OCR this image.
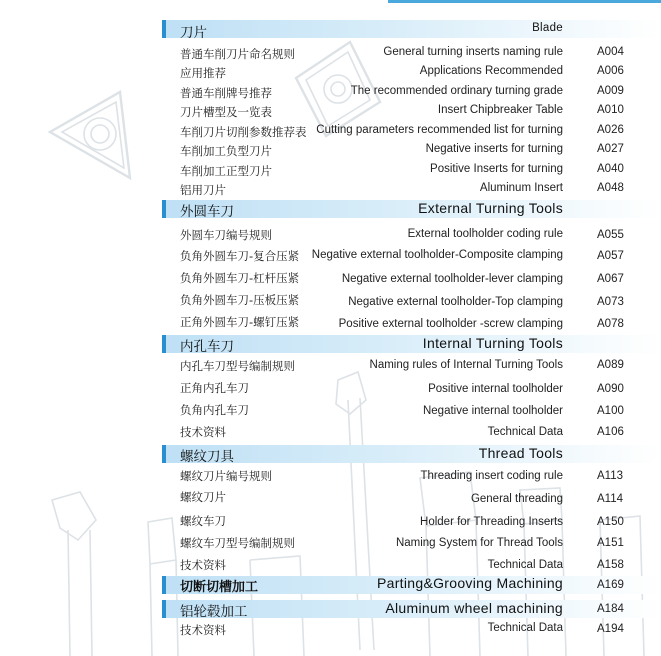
刀片	Blade
普通车削刀片命名规则	General turning inserts naming rule	A004
应用推荐	Applications Recommended	A006
普通车削牌号推荐	The recommended ordinary turning grade	A009
刀片槽型及一览表	Insert Chipbreaker Table	A010
车削刀片切削参数推荐表 Cutting parameters recommended list for turning	A026
车削加工负型刀片	Negative inserts for turning	A027
车削加工正型刀片	Positive Inserts for turning	A040
铝用刀片	Aluminum Insert	A048
外圆车刀	External Turning Tools
外圆车刀编号规则	External toolholder coding rule	A055
负角外圆车刀-复合压紧 Negative external toolholder-Composite clamping	A057
负角外圆车刀-杠杆压紧	Negative external toolholder-lever clamping	A067
负角外圆车刀-压板压紧	Negative external toolholder-Top clamping	A073
正角外圆车刀-螺钉压紧	Positive external toolholder -screw clamping	A078
内孔车刀	Internal Turning Tools
内孔车刀型号编制规则	Naming rules of Internal Turning Tools	A089
正角内孔车刀	Positive internal toolholder	A090
负角内孔车刀	Negative internal toolholder	A100
技术资料	Technical Data	A106
螺纹刀具	Thread Tools
螺纹刀片编号规则	Threading insert coding rule	A113
螺纹刀片	General threading	A114
螺纹车刀	Holder for Threading Inserts	A150
螺纹车刀型号编制规则	Naming System for Thread Tools	A151
技术资料	Technical Data	A158
切断切槽加工	Parting&Grooving Machining	A169
铝轮毂加工	Aluminum wheel machining	A184
技术资料	Technical Data	A194
